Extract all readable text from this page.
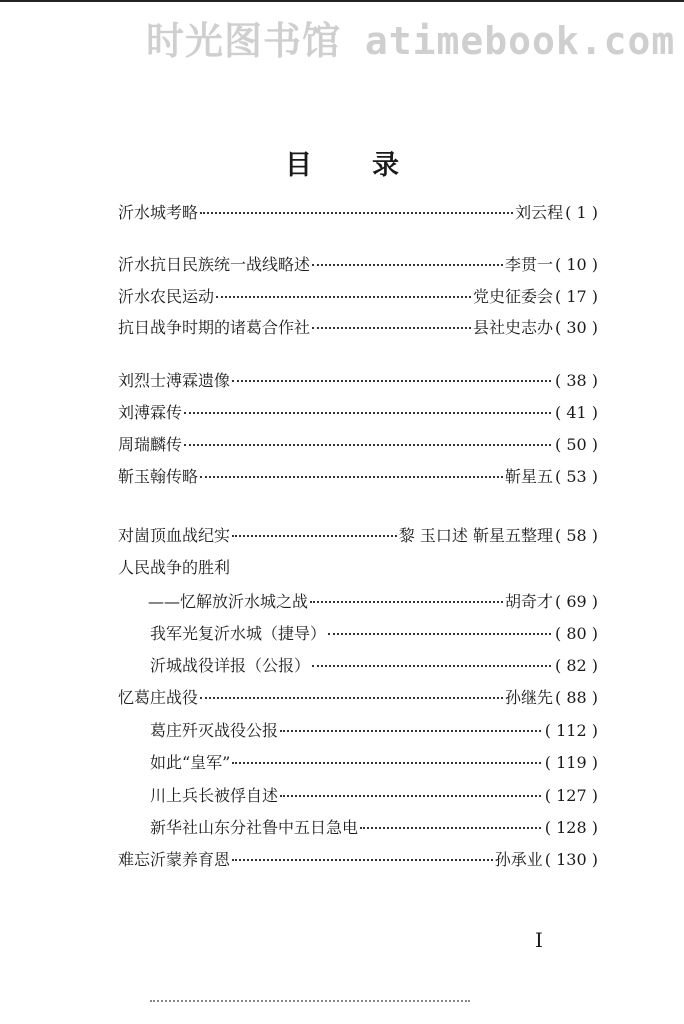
时光图书馆 atimebook.com
目录
沂水城考略	刘云程 ( 1 )
沂水抗日民族统一战线略述	李贯一 ( 10 )
沂水农民运动	党史征委会 ( 17 )
抗日战争时期的诸葛合作社	县社史志办 ( 30 )
刘烈士溥霖遗像	( 38 )
刘溥霖传	( 41 )
周瑞麟传	( 50 )
靳玉翰传略	靳星五 ( 53 )
对崮顶血战纪实	黎 玉口述 靳星五整理 ( 58 )
人民战争的胜利
——忆解放沂水城之战	胡奇才 ( 69 )
我军光复沂水城（捷导）	( 80 )
沂城战役详报（公报）	( 82 )
忆葛庄战役	孙继先 ( 88 )
葛庄歼灭战役公报	( 112 )
如此“皇军”	( 119 )
川上兵长被俘自述	( 127 )
新华社山东分社鲁中五日急电	( 128 )
难忘沂蒙养育恩	孙承业 ( 130 )
I
